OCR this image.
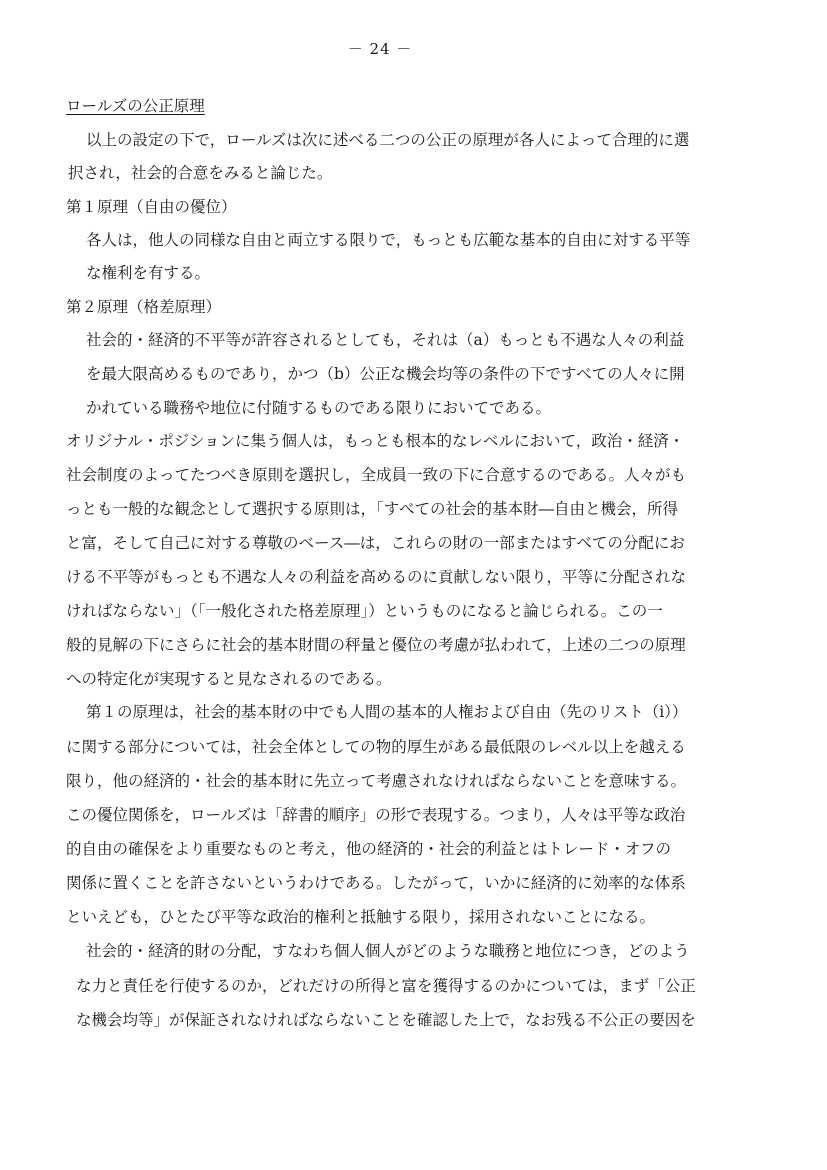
－ 24 －
ロールズの公正原理
以上の設定の下で，ロールズは次に述べる二つの公正の原理が各人によって合理的に選
択され，社会的合意をみると論じた。
第１原理（自由の優位）
各人は，他人の同様な自由と両立する限りで，もっとも広範な基本的自由に対する平等
な権利を有する。
第２原理（格差原理）
社会的・経済的不平等が許容されるとしても，それは（a）もっとも不遇な人々の利益
を最大限高めるものであり，かつ（b）公正な機会均等の条件の下ですべての人々に開
かれている職務や地位に付随するものである限りにおいてである。
オリジナル・ポジションに集う個人は，もっとも根本的なレベルにおいて，政治・経済・
社会制度のよってたつべき原則を選択し，全成員一致の下に合意するのである。人々がも
っとも一般的な観念として選択する原則は，「すべての社会的基本財―自由と機会，所得
と富，そして自己に対する尊敬のベース―は，これらの財の一部またはすべての分配にお
ける不平等がもっとも不遇な人々の利益を高めるのに貢献しない限り，平等に分配されな
ければならない」（「一般化された格差原理」）というものになると論じられる。この一
般的見解の下にさらに社会的基本財間の秤量と優位の考慮が払われて，上述の二つの原理
への特定化が実現すると見なされるのである。
第１の原理は，社会的基本財の中でも人間の基本的人権および自由（先のリスト（ⅰ））
に関する部分については，社会全体としての物的厚生がある最低限のレベル以上を越える
限り，他の経済的・社会的基本財に先立って考慮されなければならないことを意味する。
この優位関係を，ロールズは「辞書的順序」の形で表現する。つまり，人々は平等な政治
的自由の確保をより重要なものと考え，他の経済的・社会的利益とはトレード・オフの
関係に置くことを許さないというわけである。したがって，いかに経済的に効率的な体系
といえども，ひとたび平等な政治的権利と抵触する限り，採用されないことになる。
社会的・経済的財の分配，すなわち個人個人がどのような職務と地位につき，どのよう
な力と責任を行使するのか，どれだけの所得と富を獲得するのかについては，まず「公正
な機会均等」が保証されなければならないことを確認した上で，なお残る不公正の要因を
